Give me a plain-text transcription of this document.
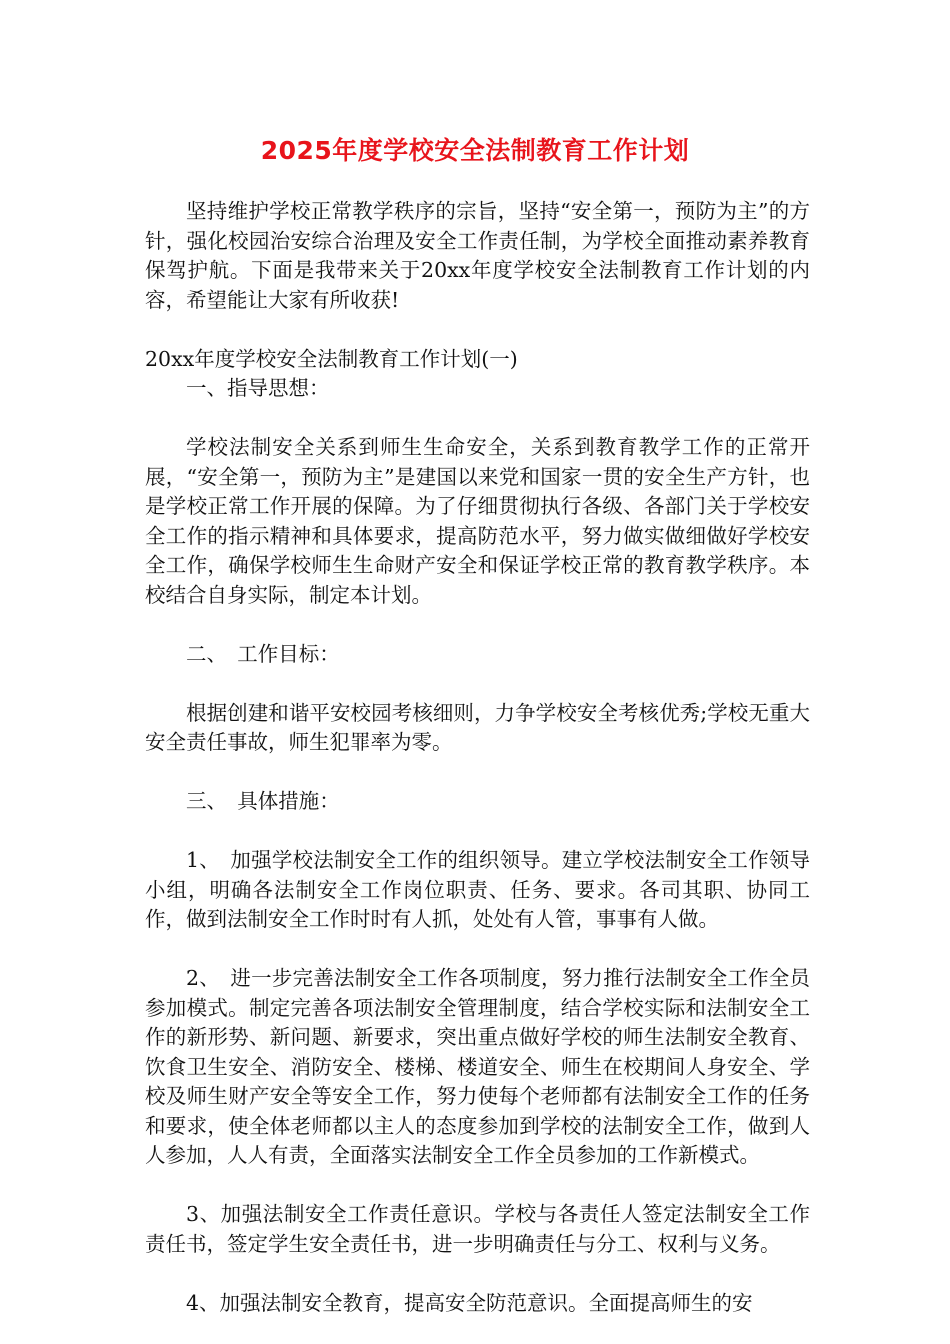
2025年度学校安全法制教育工作计划

坚持维护学校正常教学秩序的宗旨，坚持“安全第一，预防为主”的方针，强化校园治安综合治理及安全工作责任制，为学校全面推动素养教育保驾护航。下面是我带来关于20xx年度学校安全法制教育工作计划的内容，希望能让大家有所收获!

20xx年度学校安全法制教育工作计划(一)

一、指导思想：

学校法制安全关系到师生生命安全，关系到教育教学工作的正常开展，“安全第一，预防为主”是建国以来党和国家一贯的安全生产方针，也是学校正常工作开展的保障。为了仔细贯彻执行各级、各部门关于学校安全工作的指示精神和具体要求，提高防范水平，努力做实做细做好学校安全工作，确保学校师生生命财产安全和保证学校正常的教育教学秩序。本校结合自身实际，制定本计划。

二、　工作目标：

根据创建和谐平安校园考核细则，力争学校安全考核优秀;学校无重大安全责任事故，师生犯罪率为零。

三、　具体措施：

1、　加强学校法制安全工作的组织领导。建立学校法制安全工作领导小组，明确各法制安全工作岗位职责、任务、要求。各司其职、协同工作，做到法制安全工作时时有人抓，处处有人管，事事有人做。

2、　进一步完善法制安全工作各项制度，努力推行法制安全工作全员参加模式。制定完善各项法制安全管理制度，结合学校实际和法制安全工作的新形势、新问题、新要求，突出重点做好学校的师生法制安全教育、饮食卫生安全、消防安全、楼梯、楼道安全、师生在校期间人身安全、学校及师生财产安全等安全工作，努力使每个老师都有法制安全工作的任务和要求，使全体老师都以主人的态度参加到学校的法制安全工作，做到人人参加，人人有责，全面落实法制安全工作全员参加的工作新模式。

3、加强法制安全工作责任意识。学校与各责任人签定法制安全工作责任书，签定学生安全责任书，进一步明确责任与分工、权利与义务。

4、加强法制安全教育，提高安全防范意识。全面提高师生的安
